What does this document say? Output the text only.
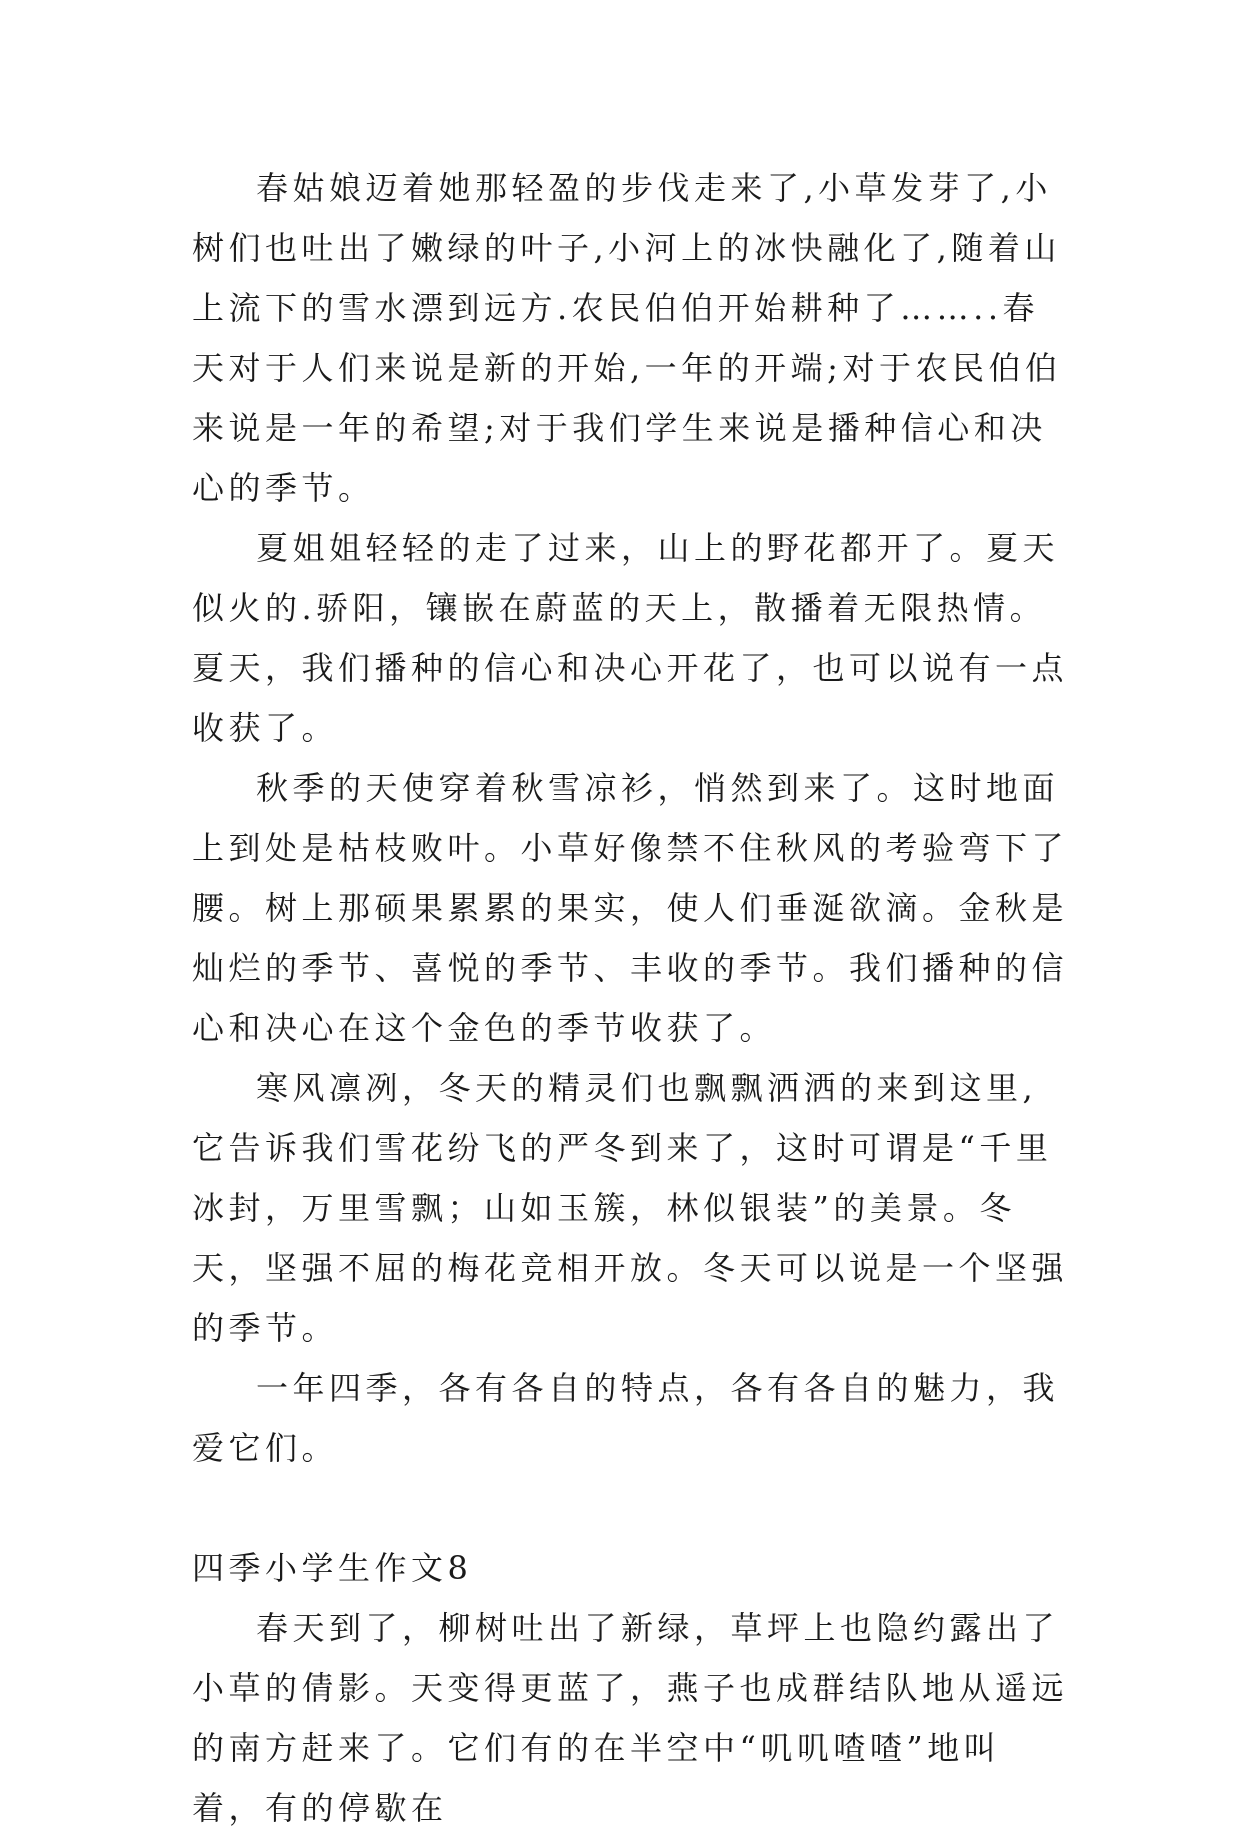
春姑娘迈着她那轻盈的步伐走来了,小草发芽了,小树们也吐出了嫩绿的叶子,小河上的冰快融化了,随着山上流下的雪水漂到远方.农民伯伯开始耕种了……..春天对于人们来说是新的开始,一年的开端;对于农民伯伯来说是一年的希望;对于我们学生来说是播种信心和决心的季节。

夏姐姐轻轻的走了过来，山上的野花都开了。夏天似火的.骄阳，镶嵌在蔚蓝的天上，散播着无限热情。夏天，我们播种的信心和决心开花了，也可以说有一点收获了。

秋季的天使穿着秋雪凉衫，悄然到来了。这时地面上到处是枯枝败叶。小草好像禁不住秋风的考验弯下了腰。树上那硕果累累的果实，使人们垂涎欲滴。金秋是灿烂的季节、喜悦的季节、丰收的季节。我们播种的信心和决心在这个金色的季节收获了。

寒风凛冽，冬天的精灵们也飘飘洒洒的来到这里,它告诉我们雪花纷飞的严冬到来了，这时可谓是“千里冰封，万里雪飘；山如玉簇，林似银装”的美景。冬天，坚强不屈的梅花竞相开放。冬天可以说是一个坚强的季节。

一年四季，各有各自的特点，各有各自的魅力，我爱它们。

四季小学生作文8

春天到了，柳树吐出了新绿，草坪上也隐约露出了小草的倩影。天变得更蓝了，燕子也成群结队地从遥远的南方赶来了。它们有的在半空中“叽叽喳喳”地叫着，有的停歇在
